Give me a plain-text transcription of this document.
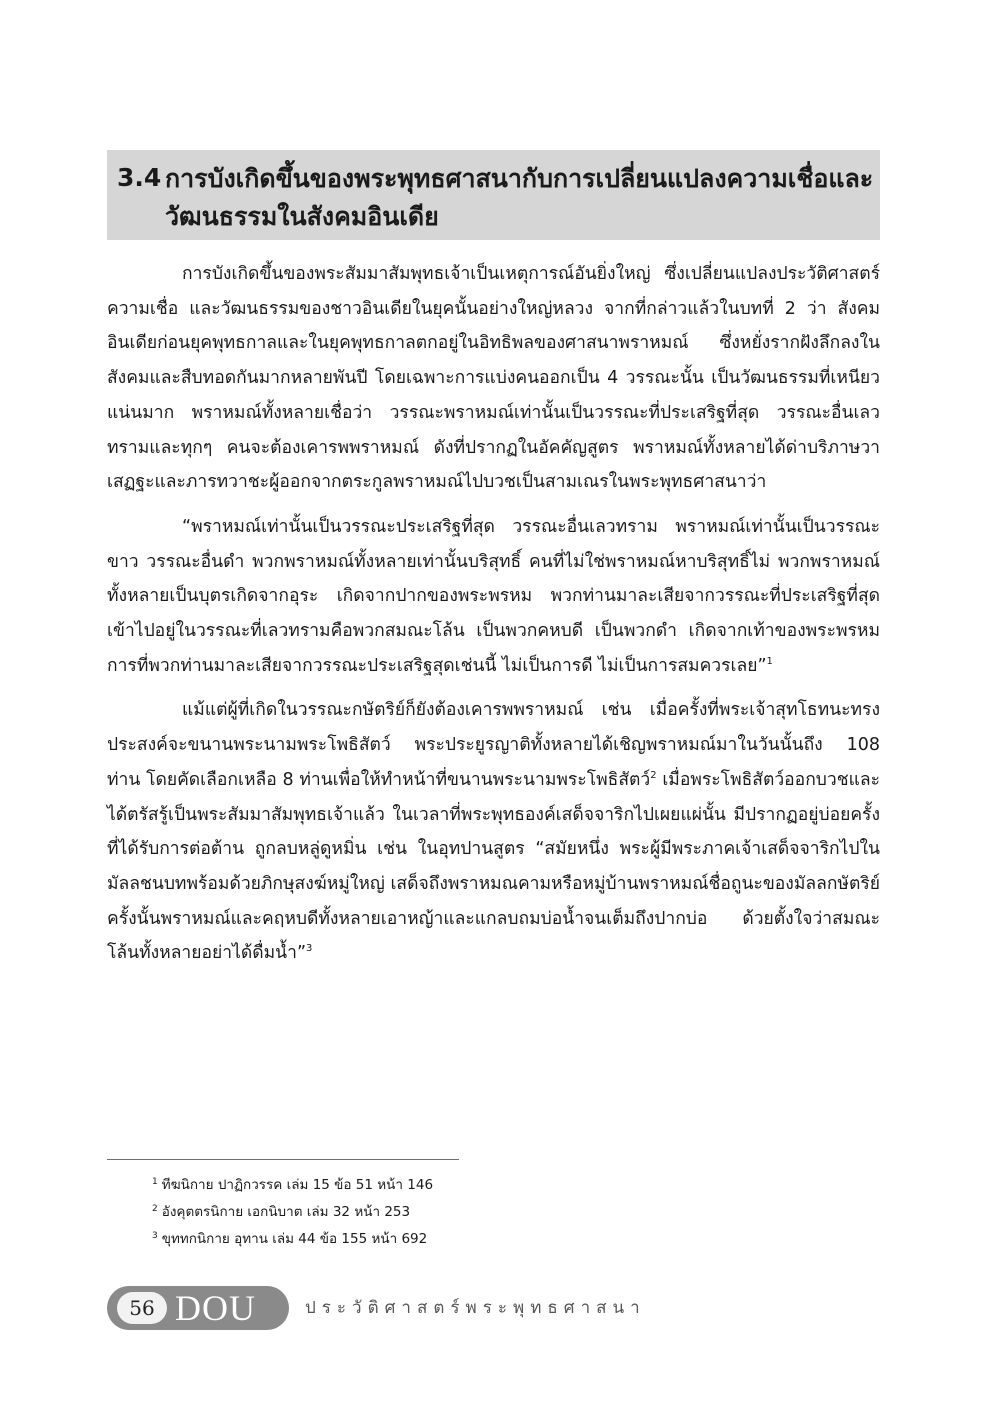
3.4 การบังเกิดขึ้นของพระพุทธศาสนากับการเปลี่ยนแปลงความเชื่อและวัฒนธรรมในสังคมอินเดีย

การบังเกิดขึ้นของพระสัมมาสัมพุทธเจ้าเป็นเหตุการณ์อันยิ่งใหญ่ ซึ่งเปลี่ยนแปลงประวัติศาสตร์ ความเชื่อ และวัฒนธรรมของชาวอินเดียในยุคนั้นอย่างใหญ่หลวง จากที่กล่าวแล้วในบทที่ 2 ว่า สังคมอินเดียก่อนยุคพุทธกาลและในยุคพุทธกาลตกอยู่ในอิทธิพลของศาสนาพราหมณ์ ซึ่งหยั่งรากฝังลึกลงในสังคมและสืบทอดกันมากหลายพันปี โดยเฉพาะการแบ่งคนออกเป็น 4 วรรณะนั้น เป็นวัฒนธรรมที่เหนียวแน่นมาก พราหมณ์ทั้งหลายเชื่อว่า วรรณะพราหมณ์เท่านั้นเป็นวรรณะที่ประเสริฐที่สุด วรรณะอื่นเลวทรามและทุกๆ คนจะต้องเคารพพราหมณ์ ดังที่ปรากฏในอัคคัญสูตร พราหมณ์ทั้งหลายได้ด่าบริภาษวาเสฏฐะและภารทวาชะผู้ออกจากตระกูลพราหมณ์ไปบวชเป็นสามเณรในพระพุทธศาสนาว่า

“พราหมณ์เท่านั้นเป็นวรรณะประเสริฐที่สุด วรรณะอื่นเลวทราม พราหมณ์เท่านั้นเป็นวรรณะขาว วรรณะอื่นดำ พวกพราหมณ์ทั้งหลายเท่านั้นบริสุทธิ์ คนที่ไม่ใช่พราหมณ์หาบริสุทธิ์ไม่ พวกพราหมณ์ทั้งหลายเป็นบุตรเกิดจากอุระ เกิดจากปากของพระพรหม พวกท่านมาละเสียจากวรรณะที่ประเสริฐที่สุด เข้าไปอยู่ในวรรณะที่เลวทรามคือพวกสมณะโล้น เป็นพวกคหบดี เป็นพวกดำ เกิดจากเท้าของพระพรหม การที่พวกท่านมาละเสียจากวรรณะประเสริฐสุดเช่นนี้ ไม่เป็นการดี ไม่เป็นการสมควรเลย”$^1$

แม้แต่ผู้ที่เกิดในวรรณะกษัตริย์ก็ยังต้องเคารพพราหมณ์ เช่น เมื่อครั้งที่พระเจ้าสุทโธทนะทรงประสงค์จะขนานพระนามพระโพธิสัตว์ พระประยูรญาติทั้งหลายได้เชิญพราหมณ์มาในวันนั้นถึง 108 ท่าน โดยคัดเลือกเหลือ 8 ท่านเพื่อให้ทำหน้าที่ขนานพระนามพระโพธิสัตว์$^2$ เมื่อพระโพธิสัตว์ออกบวชและได้ตรัสรู้เป็นพระสัมมาสัมพุทธเจ้าแล้ว ในเวลาที่พระพุทธองค์เสด็จจาริกไปเผยแผ่นั้น มีปรากฏอยู่บ่อยครั้งที่ได้รับการต่อต้าน ถูกลบหลู่ดูหมิ่น เช่น ในอุทปานสูตร “สมัยหนึ่ง พระผู้มีพระภาคเจ้าเสด็จจาริกไปในมัลลชนบทพร้อมด้วยภิกษุสงฆ์หมู่ใหญ่ เสด็จถึงพราหมณคามหรือหมู่บ้านพราหมณ์ชื่อถูนะของมัลลกษัตริย์ ครั้งนั้นพราหมณ์และคฤหบดีทั้งหลายเอาหญ้าและแกลบถมบ่อน้ำจนเต็มถึงปากบ่อ ด้วยตั้งใจว่าสมณะโล้นทั้งหลายอย่าได้ดื่มน้ำ”$^3$

$^1$ ทีฆนิกาย ปาฏิกวรรค เล่ม 15 ข้อ 51 หน้า 146
$^2$ อังคุตตรนิกาย เอกนิบาต เล่ม 32 หน้า 253
$^3$ ขุททกนิกาย อุทาน เล่ม 44 ข้อ 155 หน้า 692
56 DOU	ประวัติศาสตร์พระพุทธศาสนา
